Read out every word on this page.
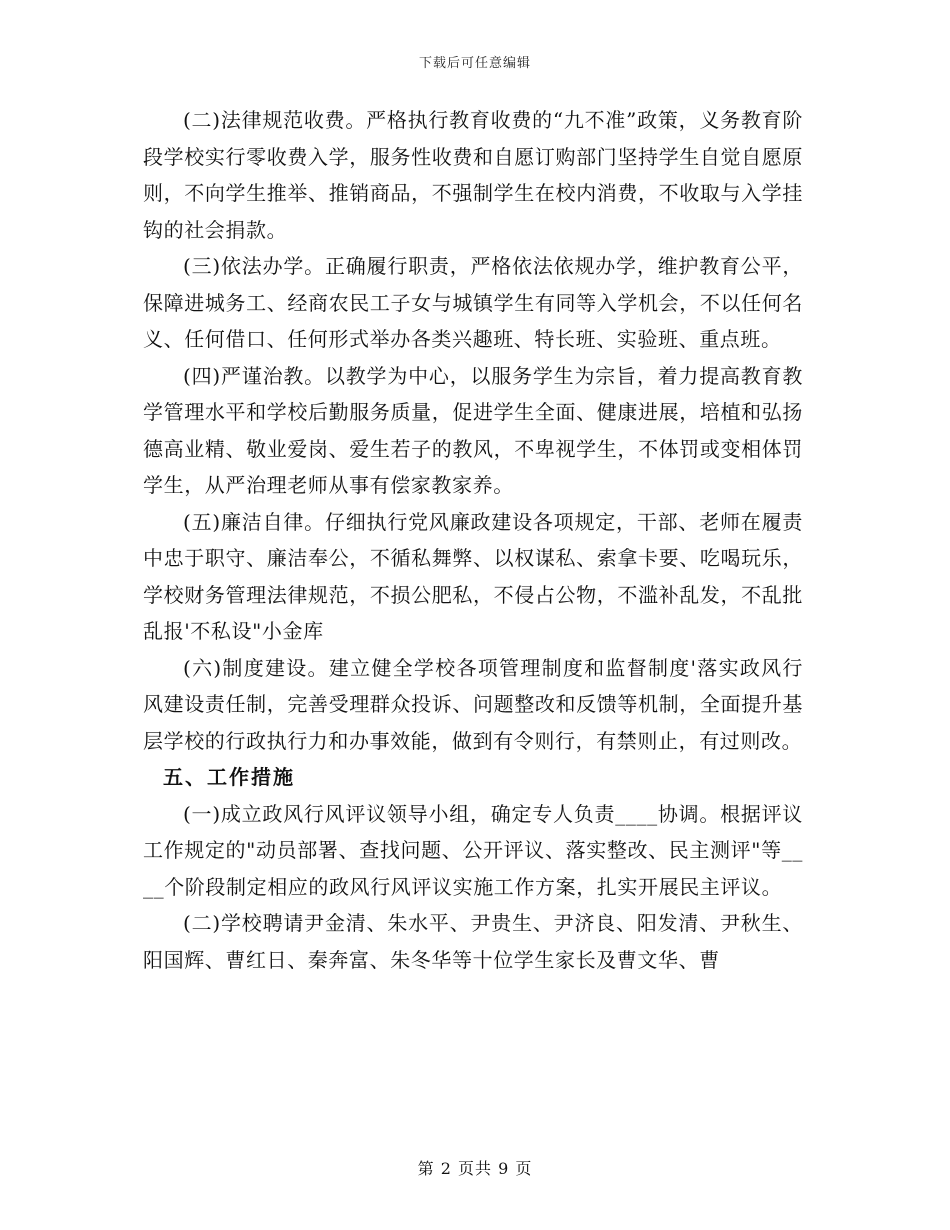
下载后可任意编辑

(二)法律规范收费。严格执行教育收费的“九不准”政策，义务教育阶段学校实行零收费入学，服务性收费和自愿订购部门坚持学生自觉自愿原则，不向学生推举、推销商品，不强制学生在校内消费，不收取与入学挂钩的社会捐款。

(三)依法办学。正确履行职责，严格依法依规办学，维护教育公平，保障进城务工、经商农民工子女与城镇学生有同等入学机会，不以任何名义、任何借口、任何形式举办各类兴趣班、特长班、实验班、重点班。

(四)严谨治教。以教学为中心，以服务学生为宗旨，着力提高教育教学管理水平和学校后勤服务质量，促进学生全面、健康进展，培植和弘扬德高业精、敬业爱岗、爱生若子的教风，不卑视学生，不体罚或变相体罚学生，从严治理老师从事有偿家教家养。

(五)廉洁自律。仔细执行党风廉政建设各项规定，干部、老师在履责中忠于职守、廉洁奉公，不循私舞弊、以权谋私、索拿卡要、吃喝玩乐，学校财务管理法律规范，不损公肥私，不侵占公物，不滥补乱发，不乱批乱报'不私设"小金库

(六)制度建设。建立健全学校各项管理制度和监督制度'落实政风行风建设责任制，完善受理群众投诉、问题整改和反馈等机制，全面提升基层学校的行政执行力和办事效能，做到有令则行，有禁则止，有过则改。

五、工作措施

(一)成立政风行风评议领导小组，确定专人负责____协调。根据评议工作规定的"动员部署、查找问题、公开评议、落实整改、民主测评"等____个阶段制定相应的政风行风评议实施工作方案，扎实开展民主评议。

(二)学校聘请尹金清、朱水平、尹贵生、尹济良、阳发清、尹秋生、阳国辉、曹红日、秦奔富、朱冬华等十位学生家长及曹文华、曹

第 2 页共 9 页
